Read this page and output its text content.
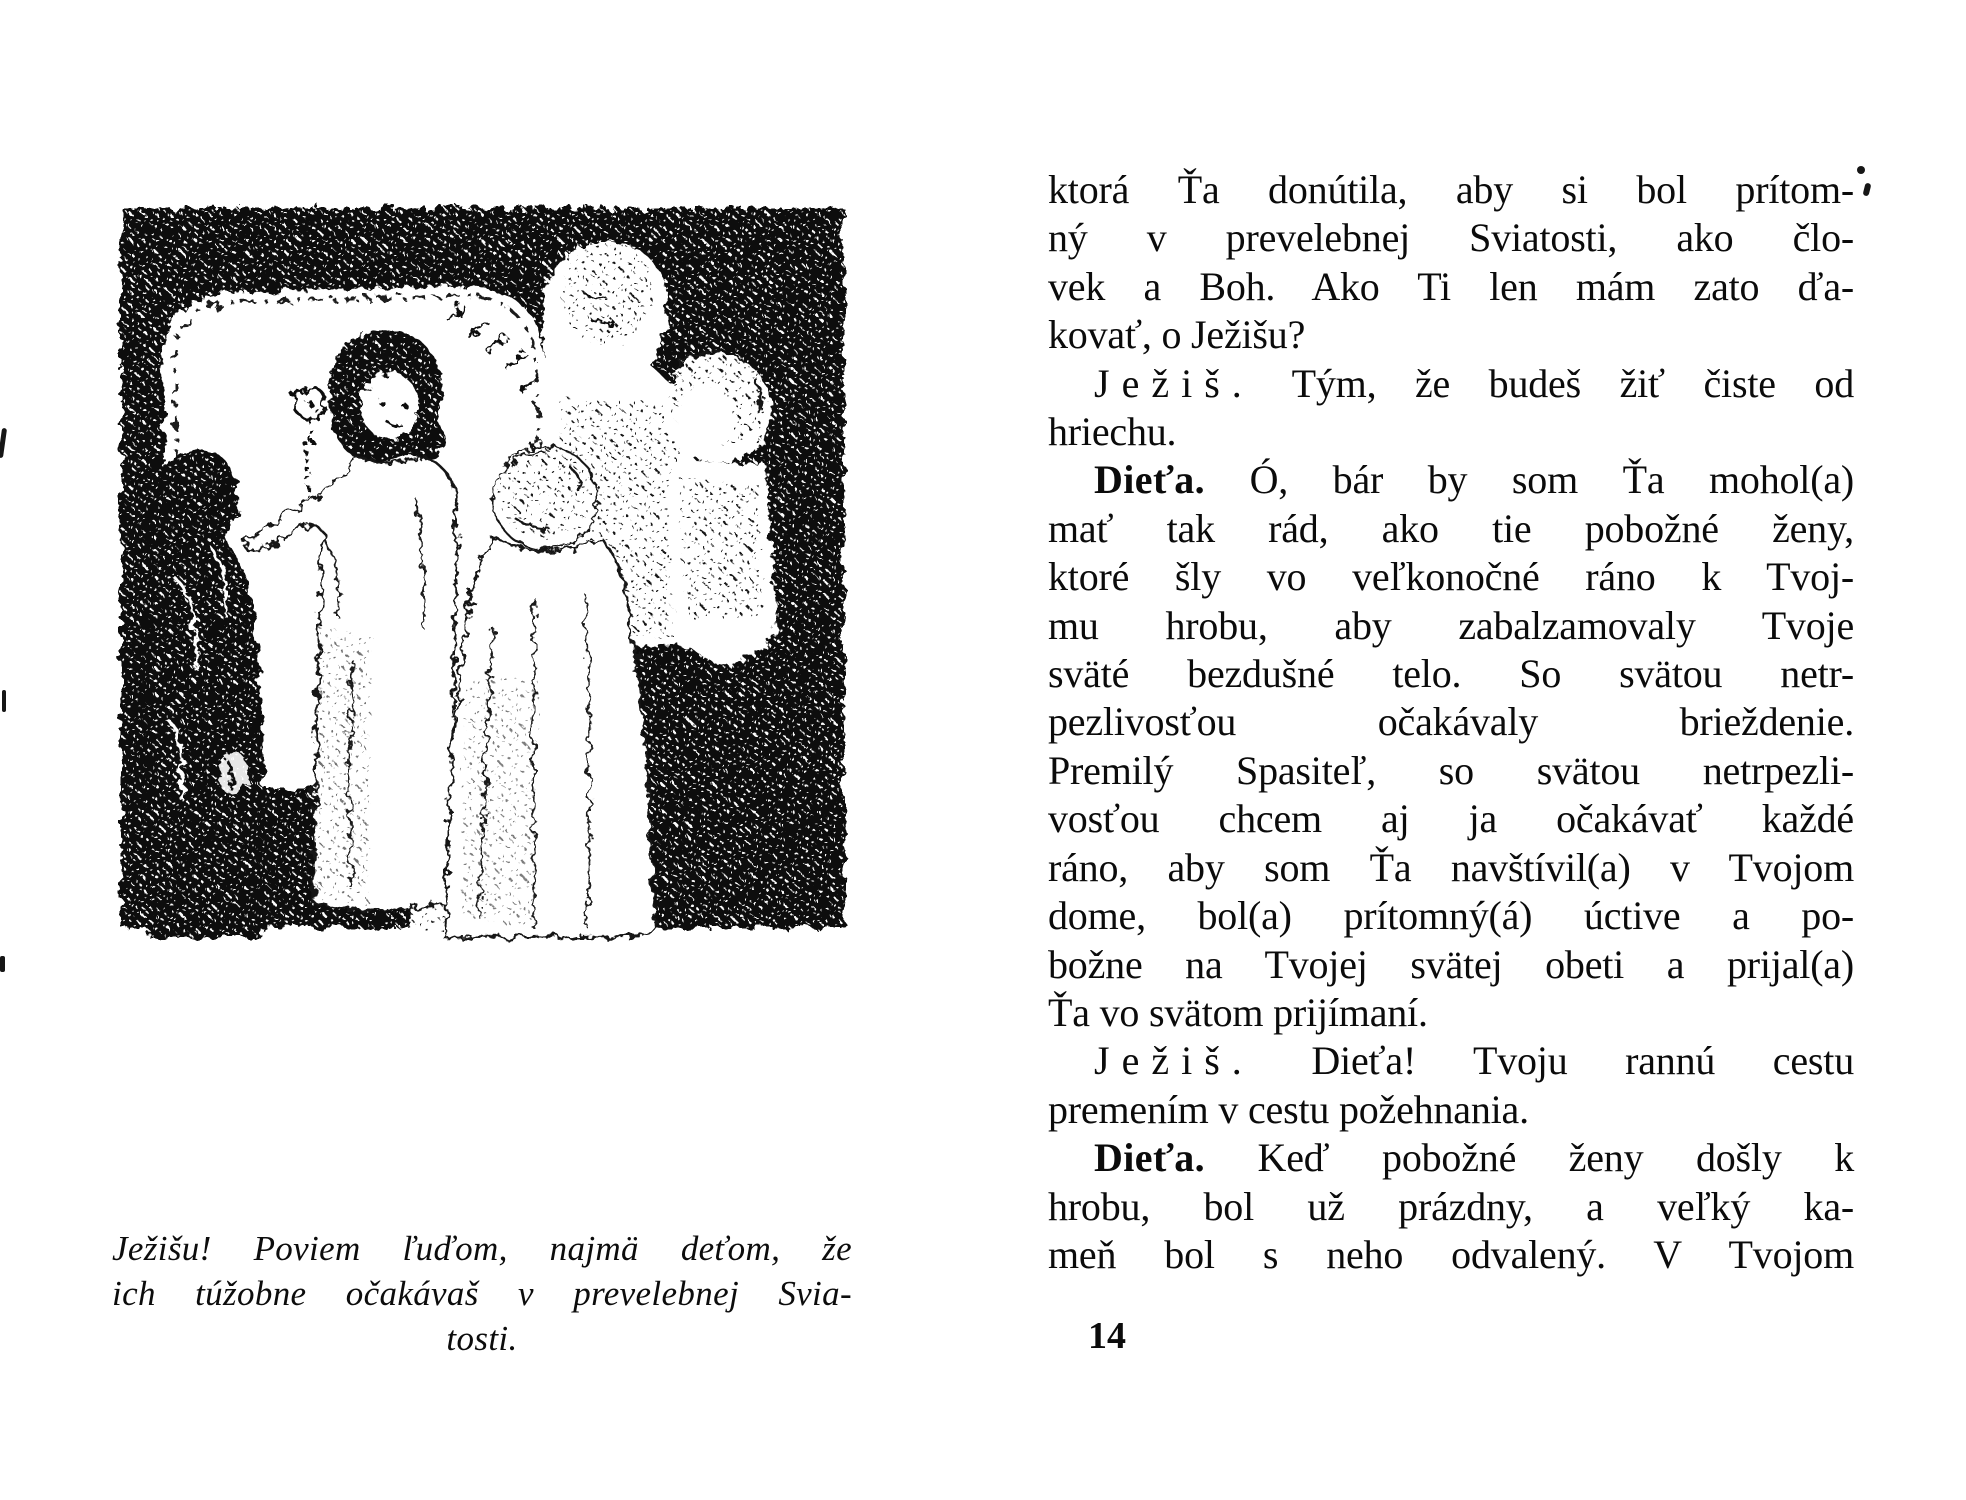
Ježišu! Poviem ľuďom, najmä deťom, že
ich túžobne očakávaš v prevelebnej Svia-
tosti.
ktorá Ťa donútila, aby si bol prítom-
ný v prevelebnej Sviatosti, ako člo-
vek a Boh. Ako Ti len mám zato ďa-
kovať, o Ježišu?
Ježiš. Tým, že budeš žiť čiste od
hriechu.
Dieťa. Ó, bár by som Ťa mohol(a)
mať tak rád, ako tie pobožné ženy,
ktoré šly vo veľkonočné ráno k Tvoj-
mu hrobu, aby zabalzamovaly Tvoje
sväté bezdušné telo. So svätou netr-
pezlivosťou očakávaly brieždenie.
Premilý Spasiteľ, so svätou netrpezli-
vosťou chcem aj ja očakávať každé
ráno, aby som Ťa navštívil(a) v Tvojom
dome, bol(a) prítomný(á) úctive a po-
božne na Tvojej svätej obeti a prijal(a)
Ťa vo svätom prijímaní.
Ježiš. Dieťa! Tvoju rannú cestu
premením v cestu požehnania.
Dieťa. Keď pobožné ženy došly k
hrobu, bol už prázdny, a veľký ka-
meň bol s neho odvalený. V Tvojom
14
